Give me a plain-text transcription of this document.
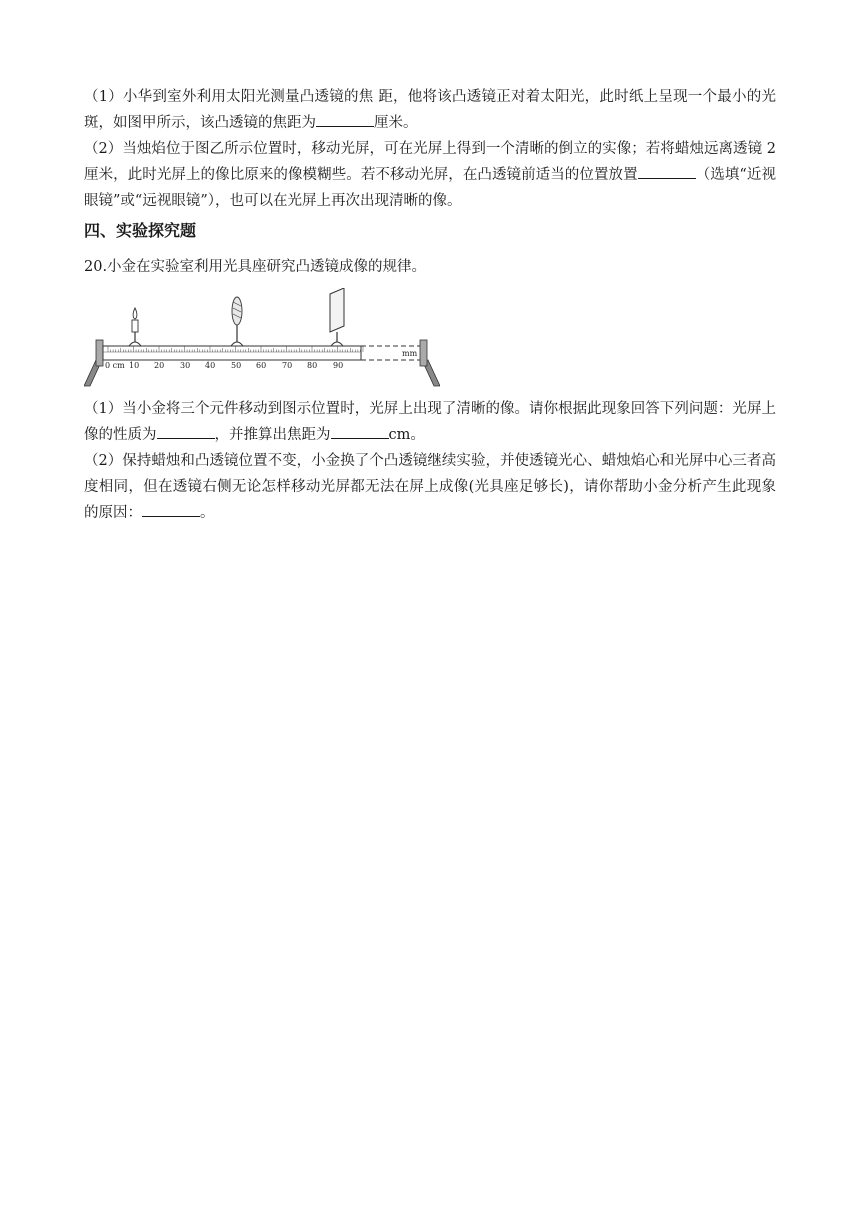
（1）小华到室外利用太阳光测量凸透镜的焦 距，他将该凸透镜正对着太阳光，此时纸上呈现一个最小的光斑，如图甲所示，该凸透镜的焦距为	厘米。
（2）当烛焰位于图乙所示位置时，移动光屏，可在光屏上得到一个清晰的倒立的实像；若将蜡烛远离透镜 2 厘米，此时光屏上的像比原来的像模糊些。若不移动光屏，在凸透镜前适当的位置放置	（选填“近视眼镜”或“远视眼镜”），也可以在光屏上再次出现清晰的像。
四、实验探究题
20.小金在实验室利用光具座研究凸透镜成像的规律。
0 cm 10 20 30 40 50 60 70 80 90
mm
（1）当小金将三个元件移动到图示位置时，光屏上出现了清晰的像。请你根据此现象回答下列问题：光屏上像的性质为	，并推算出焦距为	cm。
（2）保持蜡烛和凸透镜位置不变，小金换了个凸透镜继续实验，并使透镜光心、蜡烛焰心和光屏中心三者高度相同，但在透镜右侧无论怎样移动光屏都无法在屏上成像(光具座足够长)，请你帮助小金分析产生此现象的原因：	。
